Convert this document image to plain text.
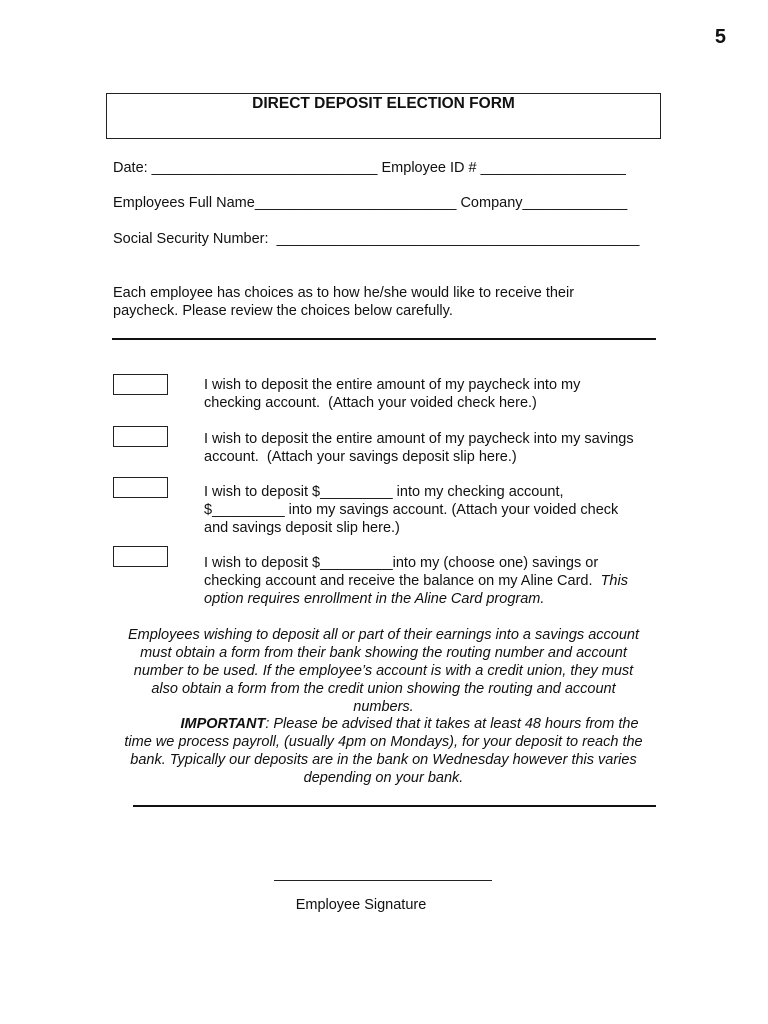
5
DIRECT DEPOSIT ELECTION FORM
Date: ____________________________ Employee ID # __________________
Employees Full Name_________________________ Company_____________
Social Security Number:  _____________________________________________
Each employee has choices as to how he/she would like to receive their
paycheck. Please review the choices below carefully.
I wish to deposit the entire amount of my paycheck into my
checking account.  (Attach your voided check here.)
I wish to deposit the entire amount of my paycheck into my savings
account.  (Attach your savings deposit slip here.)
I wish to deposit $_________ into my checking account,
$_________ into my savings account. (Attach your voided check
and savings deposit slip here.)
I wish to deposit $_________into my (choose one) savings or
checking account and receive the balance on my Aline Card.  This
option requires enrollment in the Aline Card program.
Employees wishing to deposit all or part of their earnings into a savings account
must obtain a form from their bank showing the routing number and account
number to be used. If the employee’s account is with a credit union, they must
also obtain a form from the credit union showing the routing and account
numbers.
IMPORTANT: Please be advised that it takes at least 48 hours from the
time we process payroll, (usually 4pm on Mondays), for your deposit to reach the
bank. Typically our deposits are in the bank on Wednesday however this varies
depending on your bank.
Employee Signature
